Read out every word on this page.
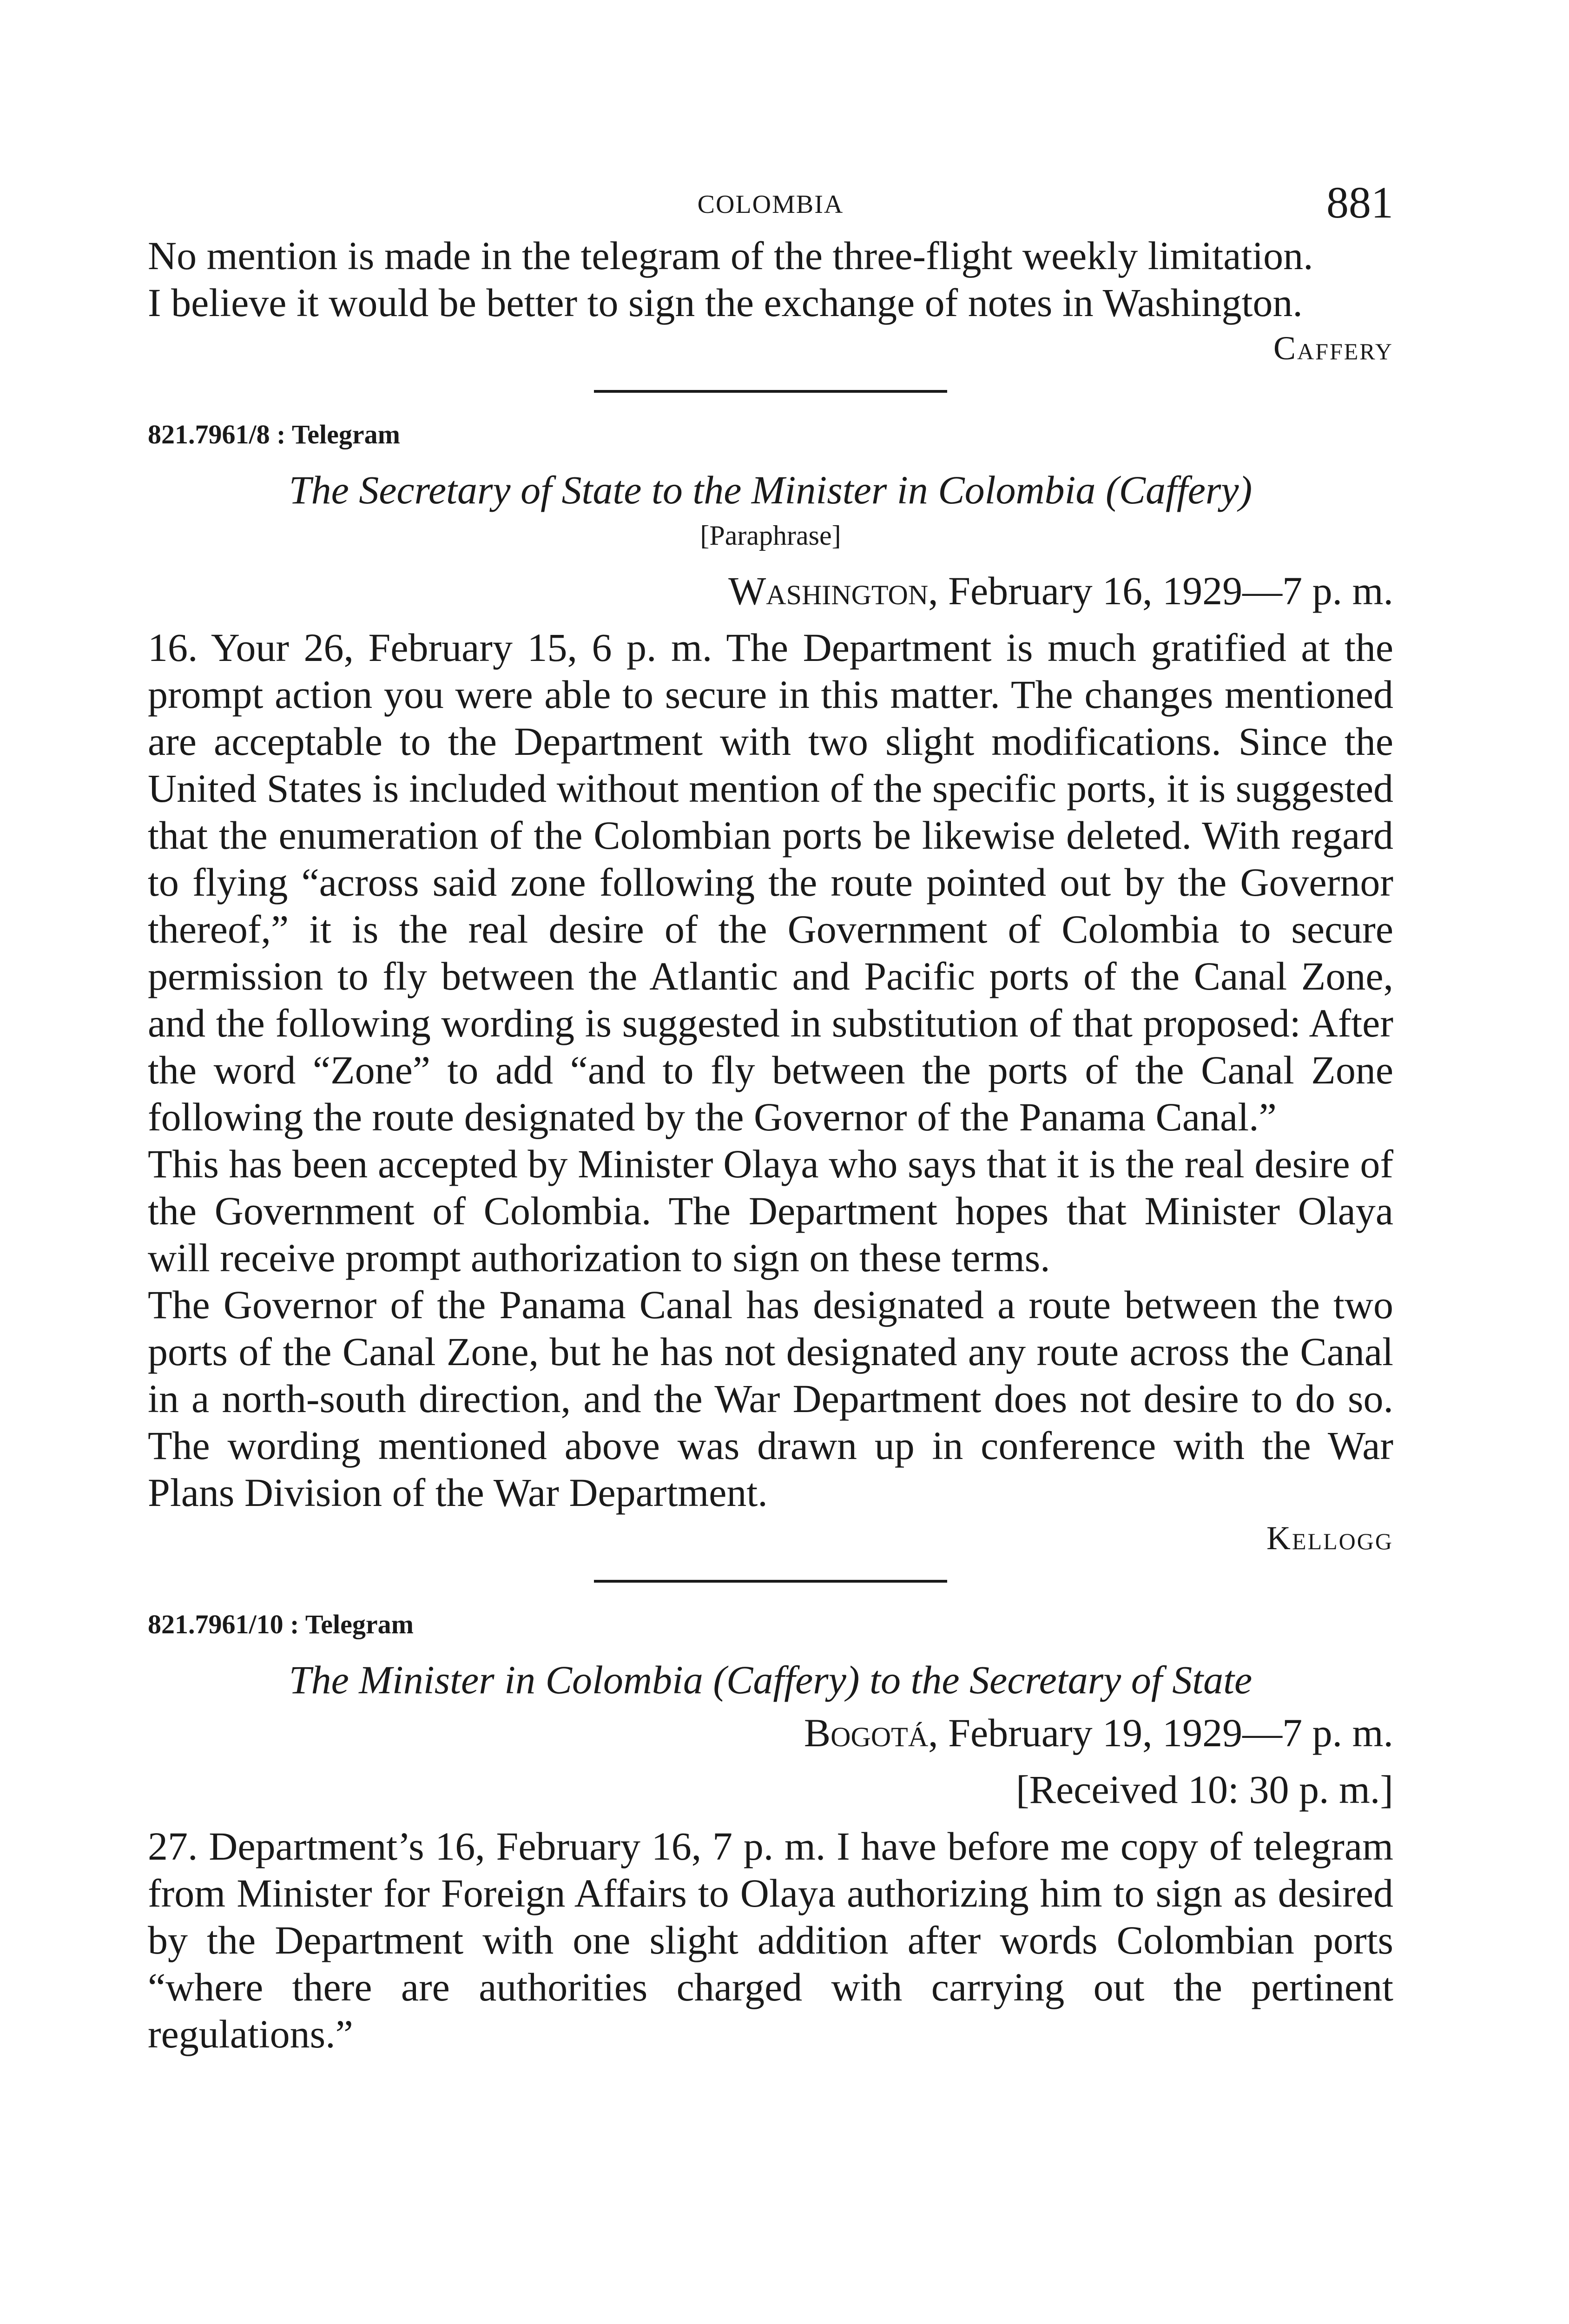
COLOMBIA	881

No mention is made in the telegram of the three-flight weekly limitation.

I believe it would be better to sign the exchange of notes in Washington.

Caffery
821.7961/8 : Telegram
The Secretary of State to the Minister in Colombia (Caffery)
[Paraphrase]
Washington, February 16, 1929—7 p. m.

16. Your 26, February 15, 6 p. m. The Department is much gratified at the prompt action you were able to secure in this matter. The changes mentioned are acceptable to the Department with two slight modifications. Since the United States is included without mention of the specific ports, it is suggested that the enumeration of the Colombian ports be likewise deleted. With regard to flying “across said zone following the route pointed out by the Governor thereof,” it is the real desire of the Government of Colombia to secure permission to fly between the Atlantic and Pacific ports of the Canal Zone, and the following wording is suggested in substitution of that proposed: After the word “Zone” to add “and to fly between the ports of the Canal Zone following the route designated by the Governor of the Panama Canal.”

This has been accepted by Minister Olaya who says that it is the real desire of the Government of Colombia. The Department hopes that Minister Olaya will receive prompt authorization to sign on these terms.

The Governor of the Panama Canal has designated a route between the two ports of the Canal Zone, but he has not designated any route across the Canal in a north-south direction, and the War Department does not desire to do so. The wording mentioned above was drawn up in conference with the War Plans Division of the War Department.

Kellogg
821.7961/10 : Telegram
The Minister in Colombia (Caffery) to the Secretary of State
Bogotá, February 19, 1929—7 p. m.
[Received 10: 30 p. m.]

27. Department’s 16, February 16, 7 p. m. I have before me copy of telegram from Minister for Foreign Affairs to Olaya authorizing him to sign as desired by the Department with one slight addition after words Colombian ports “where there are authorities charged with carrying out the pertinent regulations.”
